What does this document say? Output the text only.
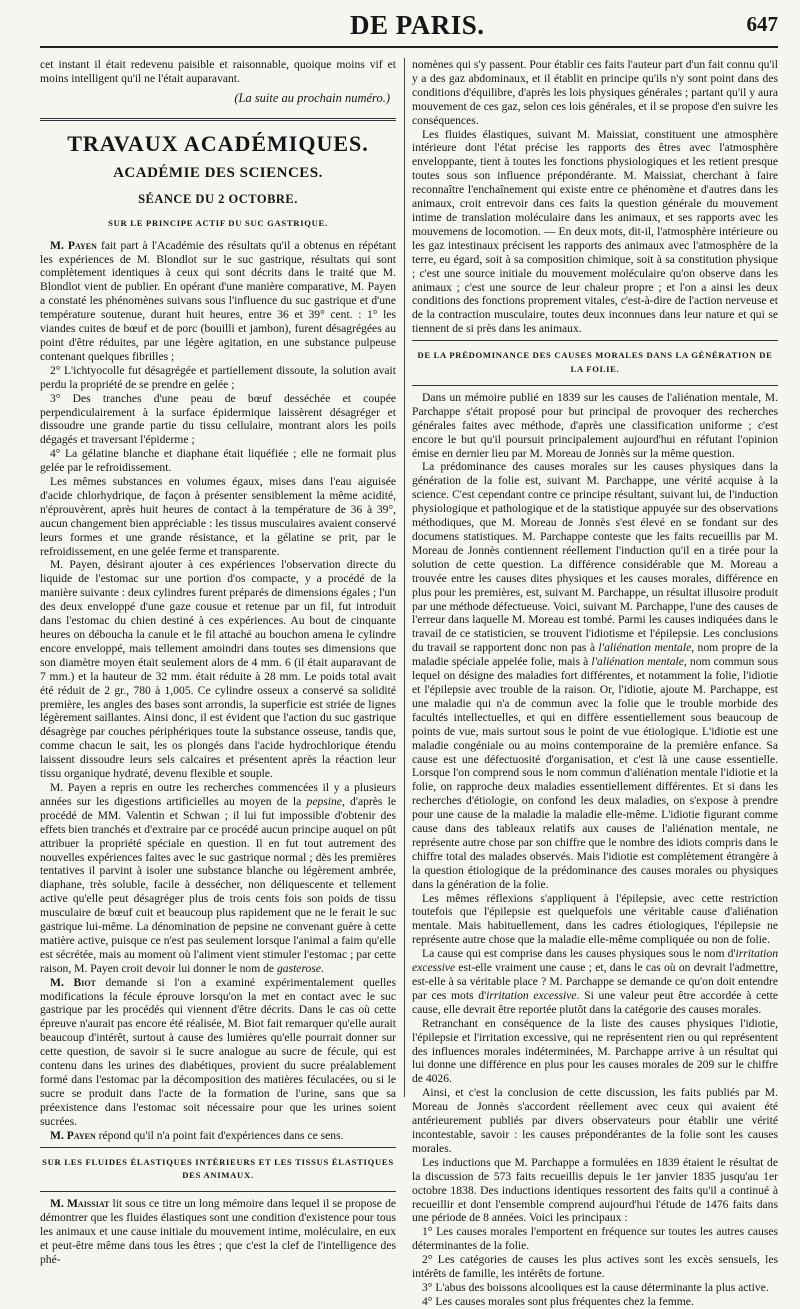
DE PARIS.	647

cet instant il était redevenu paisible et raisonnable, quoique moins vif et moins intelligent qu'il ne l'était auparavant.

(La suite au prochain numéro.)

TRAVAUX ACADÉMIQUES.
ACADÉMIE DES SCIENCES.
SÉANCE DU 2 OCTOBRE.

SUR LE PRINCIPE ACTIF DU SUC GASTRIQUE.

M. Payen fait part à l'Académie des résultats qu'il a obtenus en répétant les expériences de M. Blondlot sur le suc gastrique, résultats qui sont complètement identiques à ceux qui sont décrits dans le traité que M. Blondlot vient de publier. En opérant d'une manière comparative, M. Payen a constaté les phénomènes suivans sous l'influence du suc gastrique et d'une température soutenue, durant huit heures, entre 36 et 39° cent. : 1° les viandes cuites de bœuf et de porc (bouilli et jambon), furent désagrégées au point d'être réduites, par une légère agitation, en une substance pulpeuse contenant quelques fibrilles ;

2° L'ichtyocolle fut désagrégée et partiellement dissoute, la solution avait perdu la propriété de se prendre en gelée ;

3° Des tranches d'une peau de bœuf desséchée et coupée perpendiculairement à la surface épidermique laissèrent désagréger et dissoudre une grande partie du tissu cellulaire, montrant alors les poils dégagés et traversant l'épiderme ;

4° La gélatine blanche et diaphane était liquéfiée ; elle ne formait plus gelée par le refroidissement.

Les mêmes substances en volumes égaux, mises dans l'eau aiguisée d'acide chlorhydrique, de façon à présenter sensiblement la même acidité, n'éprouvèrent, après huit heures de contact à la température de 36 à 39°, aucun changement bien appréciable : les tissus musculaires avaient conservé leurs formes et une grande résistance, et la gélatine se prit, par le refroidissement, en une gelée ferme et transparente.

M. Payen, désirant ajouter à ces expériences l'observation directe du liquide de l'estomac sur une portion d'os compacte, y a procédé de la manière suivante : deux cylindres furent préparés de dimensions égales ; l'un des deux enveloppé d'une gaze cousue et retenue par un fil, fut introduit dans l'estomac du chien destiné à ces expériences. Au bout de cinquante heures on déboucha la canule et le fil attaché au bouchon amena le cylindre encore enveloppé, mais tellement amoindri dans toutes ses dimensions que son diamètre moyen était seulement alors de 4 mm. 6 (il était auparavant de 7 mm.) et la hauteur de 32 mm. était réduite à 28 mm. Le poids total avait été réduit de 2 gr., 780 à 1,005. Ce cylindre osseux a conservé sa solidité première, les angles des bases sont arrondis, la superficie est striée de lignes légèrement saillantes. Ainsi donc, il est évident que l'action du suc gastrique désagrège par couches périphériques toute la substance osseuse, tandis que, comme chacun le sait, les os plongés dans l'acide hydrochlorique étendu laissent dissoudre leurs sels calcaires et présentent après la réaction leur tissu organique hydraté, devenu flexible et souple.

M. Payen a repris en outre les recherches commencées il y a plusieurs années sur les digestions artificielles au moyen de la pepsine, d'après le procédé de MM. Valentin et Schwan ; il lui fut impossible d'obtenir des effets bien tranchés et d'extraire par ce procédé aucun principe auquel on pût attribuer la propriété spéciale en question. Il en fut tout autrement des nouvelles expériences faites avec le suc gastrique normal ; dès les premières tentatives il parvint à isoler une substance blanche ou légèrement ambrée, diaphane, très soluble, facile à dessécher, non déliquescente et tellement active qu'elle peut désagréger plus de trois cents fois son poids de tissu musculaire de bœuf cuit et beaucoup plus rapidement que ne le ferait le suc gastrique lui-même. La dénomination de pepsine ne convenant guère à cette matière active, puisque ce n'est pas seulement lorsque l'animal a faim qu'elle est sécrétée, mais au moment où l'aliment vient stimuler l'estomac ; par cette raison, M. Payen croit devoir lui donner le nom de gasterose.

M. Biot demande si l'on a examiné expérimentalement quelles modifications la fécule éprouve lorsqu'on la met en contact avec le suc gastrique par les procédés qui viennent d'être décrits. Dans le cas où cette épreuve n'aurait pas encore été réalisée, M. Biot fait remarquer qu'elle aurait beaucoup d'intérêt, surtout à cause des lumières qu'elle pourrait donner sur cette question, de savoir si le sucre analogue au sucre de fécule, qui est contenu dans les urines des diabétiques, provient du sucre préalablement formé dans l'estomac par la décomposition des matières féculacées, ou si le sucre se produit dans l'acte de la formation de l'urine, sans que sa préexistence dans l'estomac soit nécessaire pour que les urines soient sucrées.

M. Payen répond qu'il n'a point fait d'expériences dans ce sens.

SUR LES FLUIDES ÉLASTIQUES INTÉRIEURS ET LES TISSUS ÉLASTIQUES DES ANIMAUX.

M. Maissiat lit sous ce titre un long mémoire dans lequel il se propose de démontrer que les fluides élastiques sont une condition d'existence pour tous les animaux et une cause initiale du mouvement intime, moléculaire, en eux et peut-être même dans tous les êtres ; que c'est la clef de l'intelligence des phé-

nomènes qui s'y passent. Pour établir ces faits l'auteur part d'un fait connu qu'il y a des gaz abdominaux, et il établit en principe qu'ils n'y sont point dans des conditions d'équilibre, d'après les lois physiques générales ; partant qu'il y aura mouvement de ces gaz, selon ces lois générales, et il se propose d'en suivre les conséquences.

Les fluides élastiques, suivant M. Maissiat, constituent une atmosphère intérieure dont l'état précise les rapports des êtres avec l'atmosphère enveloppante, tient à toutes les fonctions physiologiques et les retient presque toutes sous son influence prépondérante. M. Maissiat, cherchant à faire reconnaître l'enchaînement qui existe entre ce phénomène et d'autres dans les animaux, croit entrevoir dans ces faits la question générale du mouvement intime de translation moléculaire dans les animaux, et ses rapports avec les mouvemens de locomotion. — En deux mots, dit-il, l'atmosphère intérieure ou les gaz intestinaux précisent les rapports des animaux avec l'atmosphère de la terre, eu égard, soit à sa composition chimique, soit à sa constitution physique ; c'est une source initiale du mouvement moléculaire qu'on observe dans les animaux ; c'est une source de leur chaleur propre ; et l'on a ainsi les deux conditions des fonctions proprement vitales, c'est-à-dire de l'action nerveuse et de la contraction musculaire, toutes deux inconnues dans leur nature et qui se tiennent de si près dans les animaux.

DE LA PRÉDOMINANCE DES CAUSES MORALES DANS LA GÉNÉRATION DE LA FOLIE.

Dans un mémoire publié en 1839 sur les causes de l'aliénation mentale, M. Parchappe s'était proposé pour but principal de provoquer des recherches générales faites avec méthode, d'après une classification uniforme ; c'est encore le but qu'il poursuit principalement aujourd'hui en réfutant l'opinion émise en dernier lieu par M. Moreau de Jonnès sur la même question.

La prédominance des causes morales sur les causes physiques dans la génération de la folie est, suivant M. Parchappe, une vérité acquise à la science. C'est cependant contre ce principe résultant, suivant lui, de l'induction physiologique et pathologique et de la statistique appuyée sur des observations méthodiques, que M. Moreau de Jonnès s'est élevé en se fondant sur des documens statistiques. M. Parchappe conteste que les faits recueillis par M. Moreau de Jonnès contiennent réellement l'induction qu'il en a tirée pour la solution de cette question. La différence considérable que M. Moreau a trouvée entre les causes dites physiques et les causes morales, différence en plus pour les premières, est, suivant M. Parchappe, un résultat illusoire produit par une méthode défectueuse. Voici, suivant M. Parchappe, l'une des causes de l'erreur dans laquelle M. Moreau est tombé. Parmi les causes indiquées dans le travail de ce statisticien, se trouvent l'idiotisme et l'épilepsie. Les conclusions du travail se rapportent donc non pas à l'aliénation mentale, nom propre de la maladie spéciale appelée folie, mais à l'aliénation mentale, nom commun sous lequel on désigne des maladies fort différentes, et notamment la folie, l'idiotie et l'épilepsie avec trouble de la raison. Or, l'idiotie, ajoute M. Parchappe, est une maladie qui n'a de commun avec la folie que le trouble morbide des facultés intellectuelles, et qui en diffère essentiellement sous beaucoup de points de vue, mais surtout sous le point de vue étiologique. L'idiotie est une maladie congéniale ou au moins contemporaine de la première enfance. Sa cause est une défectuosité d'organisation, et c'est là une cause essentielle. Lorsque l'on comprend sous le nom commun d'aliénation mentale l'idiotie et la folie, on rapproche deux maladies essentiellement différentes. Et si dans les recherches d'étiologie, on confond les deux maladies, on s'expose à prendre pour une cause de la maladie la maladie elle-même. L'idiotie figurant comme cause dans des tableaux relatifs aux causes de l'aliénation mentale, ne représente autre chose par son chiffre que le nombre des idiots compris dans le chiffre total des malades observés. Mais l'idiotie est complètement étrangère à la question étiologique de la prédominance des causes morales ou physiques dans la génération de la folie.

Les mêmes réflexions s'appliquent à l'épilepsie, avec cette restriction toutefois que l'épilepsie est quelquefois une véritable cause d'aliénation mentale. Mais habituellement, dans les cadres étiologiques, l'épilepsie ne représente autre chose que la maladie elle-même compliquée ou non de folie.

La cause qui est comprise dans les causes physiques sous le nom d'irritation excessive est-elle vraiment une cause ; et, dans le cas où on devrait l'admettre, est-elle à sa véritable place ? M. Parchappe se demande ce qu'on doit entendre par ces mots d'irritation excessive. Si une valeur peut être accordée à cette cause, elle devrait être reportée plutôt dans la catégorie des causes morales.

Retranchant en conséquence de la liste des causes physiques l'idiotie, l'épilepsie et l'irritation excessive, qui ne représentent rien ou qui représentent des influences morales indéterminées, M. Parchappe arrive à un résultat qui lui donne une différence en plus pour les causes morales de 209 sur le chiffre de 4026.

Ainsi, et c'est la conclusion de cette discussion, les faits publiés par M. Moreau de Jonnès s'accordent réellement avec ceux qui avaient été antérieurement publiés par divers observateurs pour établir une vérité incontestable, savoir : les causes prépondérantes de la folie sont les causes morales.

Les inductions que M. Parchappe a formulées en 1839 étaient le résultat de la discussion de 573 faits recueillis depuis le 1er janvier 1835 jusqu'au 1er octobre 1838. Des inductions identiques ressortent des faits qu'il a continué à recueillir et dont l'ensemble comprend aujourd'hui l'étude de 1476 faits dans une période de 8 années. Voici les principaux :

1° Les causes morales l'emportent en fréquence sur toutes les autres causes déterminantes de la folie.

2° Les catégories de causes les plus actives sont les excès sensuels, les intérêts de famille, les intérêts de fortune.

3° L'abus des boissons alcooliques est la cause déterminante la plus active.

4° Les causes morales sont plus fréquentes chez la femme.
